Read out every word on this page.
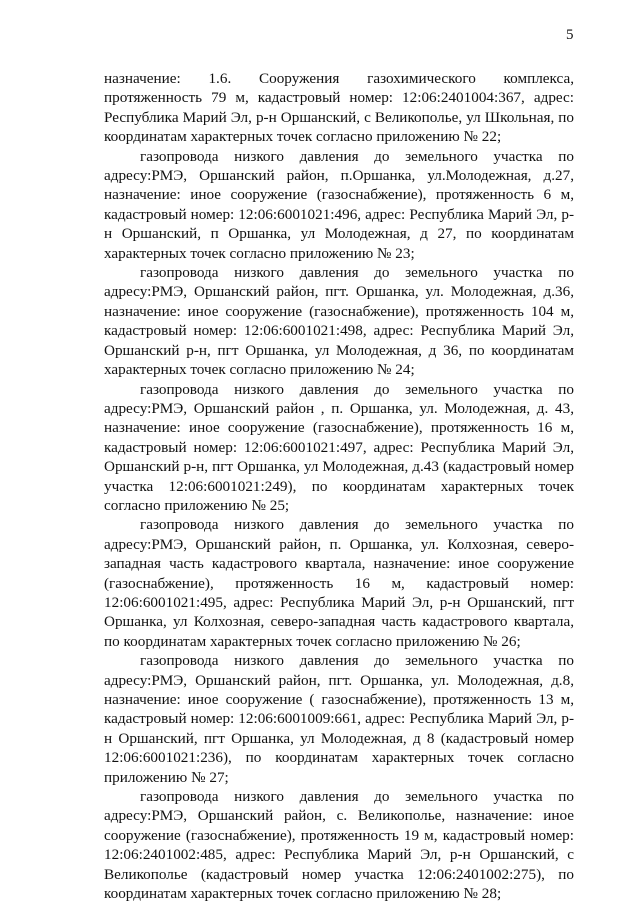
5

назначение: 1.6. Сооружения газохимического комплекса, протяженность 79 м, кадастровый номер: 12:06:2401004:367, адрес: Республика Марий Эл, р-н Оршанский, с Великополье, ул Школьная, по координатам характерных точек согласно приложению № 22;

газопровода низкого давления до земельного участка по адресу:РМЭ, Оршанский район, п.Оршанка, ул.Молодежная, д.27, назначение: иное сооружение (газоснабжение), протяженность 6 м, кадастровый номер: 12:06:6001021:496, адрес: Республика Марий Эл, р-н Оршанский, п Оршанка, ул Молодежная, д 27, по координатам характерных точек согласно приложению № 23;

газопровода низкого давления до земельного участка по адресу:РМЭ, Оршанский район, пгт. Оршанка, ул. Молодежная, д.36, назначение: иное сооружение (газоснабжение), протяженность 104 м, кадастровый номер: 12:06:6001021:498, адрес: Республика Марий Эл, Оршанский р-н, пгт Оршанка, ул Молодежная, д 36, по координатам характерных точек согласно приложению № 24;

газопровода низкого давления до земельного участка по адресу:РМЭ, Оршанский район , п. Оршанка, ул. Молодежная, д. 43, назначение: иное сооружение (газоснабжение), протяженность 16 м, кадастровый номер: 12:06:6001021:497, адрес: Республика Марий Эл, Оршанский р-н, пгт Оршанка, ул Молодежная, д.43 (кадастровый номер участка 12:06:6001021:249), по координатам характерных точек согласно приложению № 25;

газопровода низкого давления до земельного участка по адресу:РМЭ, Оршанский район, п. Оршанка, ул. Колхозная, северо-западная часть кадастрового квартала, назначение: иное сооружение (газоснабжение), протяженность 16 м, кадастровый номер: 12:06:6001021:495, адрес: Республика Марий Эл, р-н Оршанский, пгт Оршанка, ул Колхозная, северо-западная часть кадастрового квартала, по координатам характерных точек согласно приложению № 26;

газопровода низкого давления до земельного участка по адресу:РМЭ, Оршанский район, пгт. Оршанка, ул. Молодежная, д.8, назначение: иное сооружение ( газоснабжение), протяженность 13 м, кадастровый номер: 12:06:6001009:661, адрес: Республика Марий Эл, р-н Оршанский, пгт Оршанка, ул Молодежная, д 8 (кадастровый номер 12:06:6001021:236), по координатам характерных точек согласно приложению № 27;

газопровода низкого давления до земельного участка по адресу:РМЭ, Оршанский район, с. Великополье, назначение: иное сооружение (газоснабжение), протяженность 19 м, кадастровый номер: 12:06:2401002:485, адрес: Республика Марий Эл, р-н Оршанский, с Великополье (кадастровый номер участка 12:06:2401002:275), по координатам характерных точек согласно приложению № 28;
